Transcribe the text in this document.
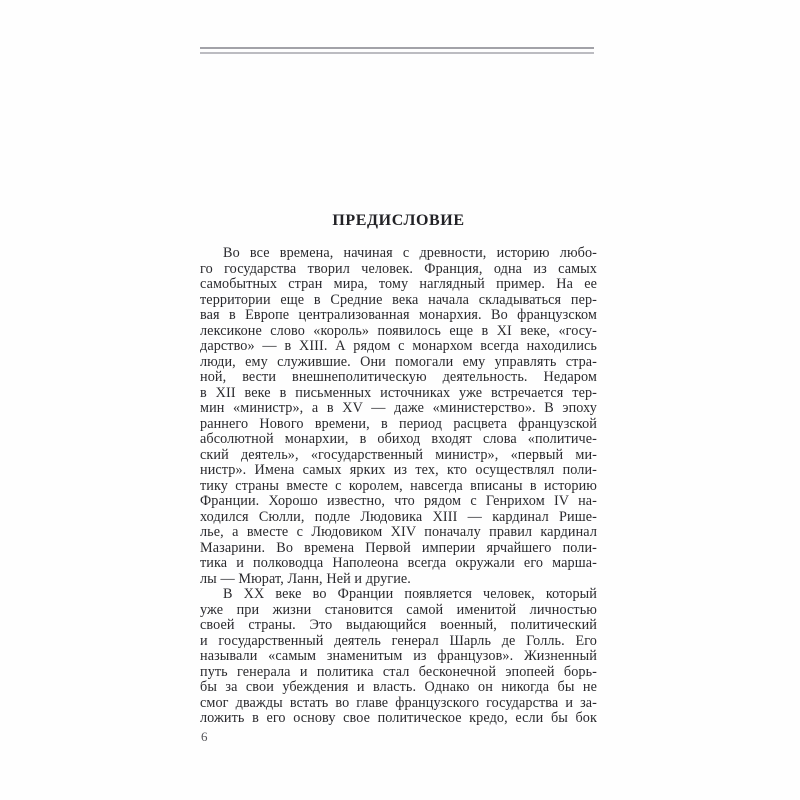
ПРЕДИСЛОВИЕ
Во все времена, начиная с древности, историю любо-
го государства творил человек. Франция, одна из самых
самобытных стран мира, тому наглядный пример. На ее
территории еще в Средние века начала складываться пер-
вая в Европе централизованная монархия. Во французском
лексиконе слово «король» появилось еще в XI веке, «госу-
дарство» — в XIII. А рядом с монархом всегда находились
люди, ему служившие. Они помогали ему управлять стра-
ной, вести внешнеполитическую деятельность. Недаром
в XII веке в письменных источниках уже встречается тер-
мин «министр», а в XV — даже «министерство». В эпоху
раннего Нового времени, в период расцвета французской
абсолютной монархии, в обиход входят слова «политиче-
ский деятель», «государственный министр», «первый ми-
нистр». Имена самых ярких из тех, кто осуществлял поли-
тику страны вместе с королем, навсегда вписаны в историю
Франции. Хорошо известно, что рядом с Генрихом IV на-
ходился Сюлли, подле Людовика XIII — кардинал Рише-
лье, а вместе с Людовиком XIV поначалу правил кардинал
Мазарини. Во времена Первой империи ярчайшего поли-
тика и полководца Наполеона всегда окружали его марша-
лы — Мюрат, Ланн, Ней и другие.
В XX веке во Франции появляется человек, который
уже при жизни становится самой именитой личностью
своей страны. Это выдающийся военный, политический
и государственный деятель генерал Шарль де Голль. Его
называли «самым знаменитым из французов». Жизненный
путь генерала и политика стал бесконечной эпопеей борь-
бы за свои убеждения и власть. Однако он никогда бы не
смог дважды встать во главе французского государства и за-
ложить в его основу свое политическое кредо, если бы бок
6
